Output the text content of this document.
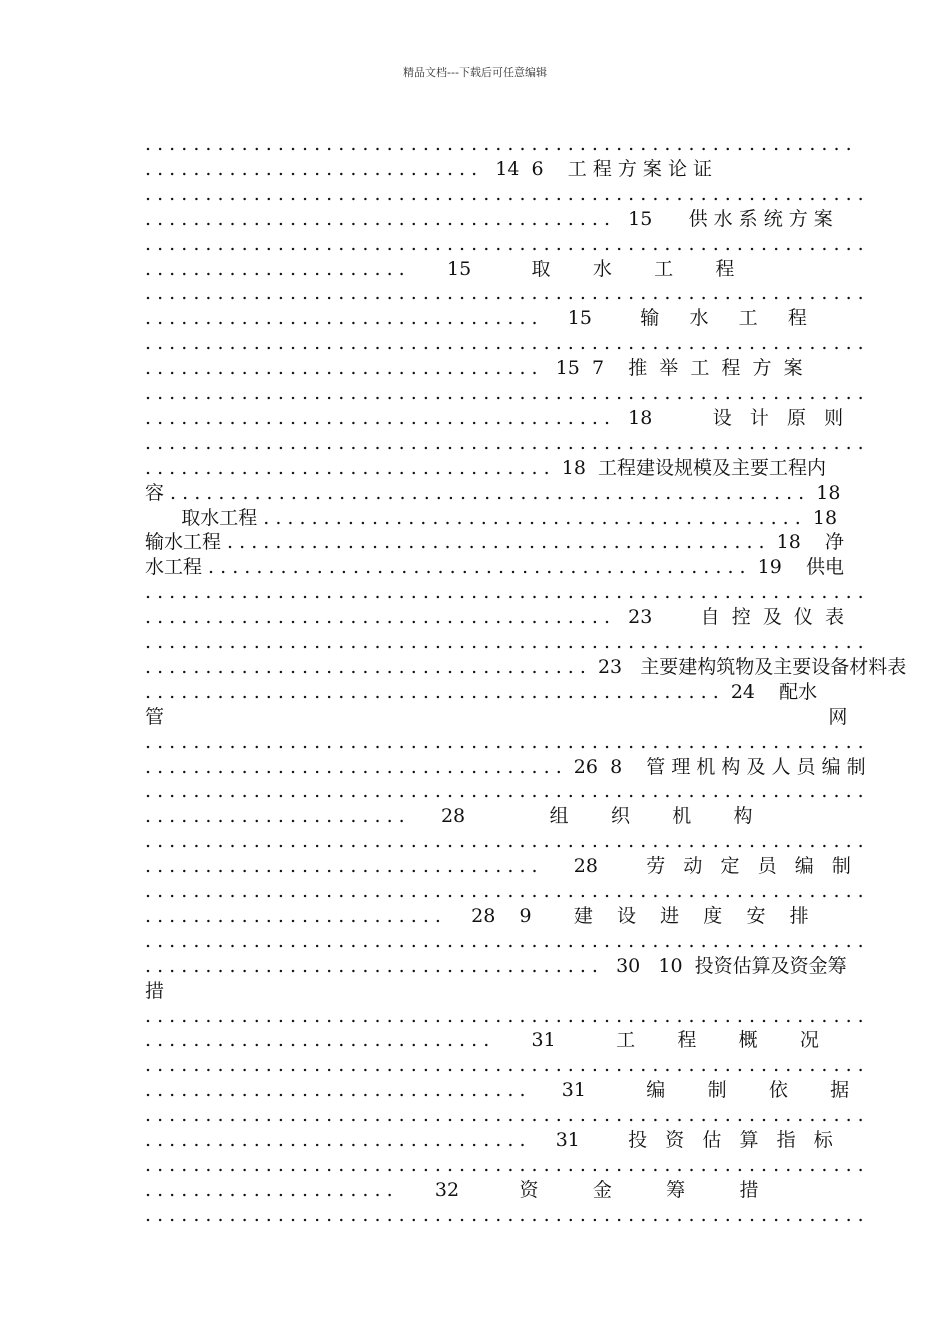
精品文档---下载后可任意编辑
. . . . . . . . . . . . . . . . . . . . . . . . . . . . . . . . . . . . . . . . . . . . . . . . . . . . . . . . . . .
. . . . . . . . . . . . . . . . . . . . . . . . . . . .   14  6    工 程 方 案 论 证
. . . . . . . . . . . . . . . . . . . . . . . . . . . . . . . . . . . . . . . . . . . . . . . . . . . . . . . . . . . .
. . . . . . . . . . . . . . . . . . . . . . . . . . . . . . . . . . . . . . .   15      供 水 系 统 方 案
. . . . . . . . . . . . . . . . . . . . . . . . . . . . . . . . . . . . . . . . . . . . . . . . . . . . . . . . . . . .
. . . . . . . . . . . . . . . . . . . . . .       15          取       水       工       程
. . . . . . . . . . . . . . . . . . . . . . . . . . . . . . . . . . . . . . . . . . . . . . . . . . . . . . . . . . . .
. . . . . . . . . . . . . . . . . . . . . . . . . . . . . . . . .     15        输     水     工     程
. . . . . . . . . . . . . . . . . . . . . . . . . . . . . . . . . . . . . . . . . . . . . . . . . . . . . . . . . . . .
. . . . . . . . . . . . . . . . . . . . . . . . . . . . . . . . .   15  7    推  举  工  程  方  案
. . . . . . . . . . . . . . . . . . . . . . . . . . . . . . . . . . . . . . . . . . . . . . . . . . . . . . . . . . . .
. . . . . . . . . . . . . . . . . . . . . . . . . . . . . . . . . . . . . . .   18          设   计   原   则
. . . . . . . . . . . . . . . . . . . . . . . . . . . . . . . . . . . . . . . . . . . . . . . . . . . . . . . . . . . .
. . . . . . . . . . . . . . . . . . . . . . . . . . . . . . . . . .  18  工程建设规模及主要工程内
容 . . . . . . . . . . . . . . . . . . . . . . . . . . . . . . . . . . . . . . . . . . . . . . . . . . . . .  18
取水工程 . . . . . . . . . . . . . . . . . . . . . . . . . . . . . . . . . . . . . . . . . . . . .  18
输水工程 . . . . . . . . . . . . . . . . . . . . . . . . . . . . . . . . . . . . . . . . . . . . .  18    净
水工程 . . . . . . . . . . . . . . . . . . . . . . . . . . . . . . . . . . . . . . . . . . . . .  19    供电
. . . . . . . . . . . . . . . . . . . . . . . . . . . . . . . . . . . . . . . . . . . . . . . . . . . . . . . . . . . .
. . . . . . . . . . . . . . . . . . . . . . . . . . . . . . . . . . . . . . .   23        自  控  及  仪  表
. . . . . . . . . . . . . . . . . . . . . . . . . . . . . . . . . . . . . . . . . . . . . . . . . . . . . . . . . . . .
. . . . . . . . . . . . . . . . . . . . . . . . . . . . . . . . . . . . .  23   主要建构筑物及主要设备材料表
. . . . . . . . . . . . . . . . . . . . . . . . . . . . . . . . . . . . . . . . . . . . . . . .  24    配水
管                                                                                                              网
. . . . . . . . . . . . . . . . . . . . . . . . . . . . . . . . . . . . . . . . . . . . . . . . . . . . . . . . . . . .
. . . . . . . . . . . . . . . . . . . . . . . . . . . . . . . . . . .  26  8    管 理 机 构 及 人 员 编 制
. . . . . . . . . . . . . . . . . . . . . . . . . . . . . . . . . . . . . . . . . . . . . . . . . . . . . . . . . . . .
. . . . . . . . . . . . . . . . . . . . . .      28              组       织       机       构
. . . . . . . . . . . . . . . . . . . . . . . . . . . . . . . . . . . . . . . . . . . . . . . . . . . . . . . . . . . .
. . . . . . . . . . . . . . . . . . . . . . . . . . . . . . . . .      28        劳   动   定   员   编   制
. . . . . . . . . . . . . . . . . . . . . . . . . . . . . . . . . . . . . . . . . . . . . . . . . . . . . . . . . . . .
. . . . . . . . . . . . . . . . . . . . . . . . .     28    9       建    设    进    度    安    排
. . . . . . . . . . . . . . . . . . . . . . . . . . . . . . . . . . . . . . . . . . . . . . . . . . . . . . . . . . . .
. . . . . . . . . . . . . . . . . . . . . . . . . . . . . . . . . . . . . .   30   10  投资估算及资金筹
措
. . . . . . . . . . . . . . . . . . . . . . . . . . . . . . . . . . . . . . . . . . . . . . . . . . . . . . . . . . . .
. . . . . . . . . . . . . . . . . . . . . . . . . . . . .       31          工       程       概       况
. . . . . . . . . . . . . . . . . . . . . . . . . . . . . . . . . . . . . . . . . . . . . . . . . . . . . . . . . . . .
. . . . . . . . . . . . . . . . . . . . . . . . . . . . . . . .      31          编       制       依       据
. . . . . . . . . . . . . . . . . . . . . . . . . . . . . . . . . . . . . . . . . . . . . . . . . . . . . . . . . . . .
. . . . . . . . . . . . . . . . . . . . . . . . . . . . . . . .     31        投   资   估   算   指   标
. . . . . . . . . . . . . . . . . . . . . . . . . . . . . . . . . . . . . . . . . . . . . . . . . . . . . . . . . . . .
. . . . . . . . . . . . . . . . . . . . .       32          资         金         筹         措
. . . . . . . . . . . . . . . . . . . . . . . . . . . . . . . . . . . . . . . . . . . . . . . . . . . . . . . . . . . .
